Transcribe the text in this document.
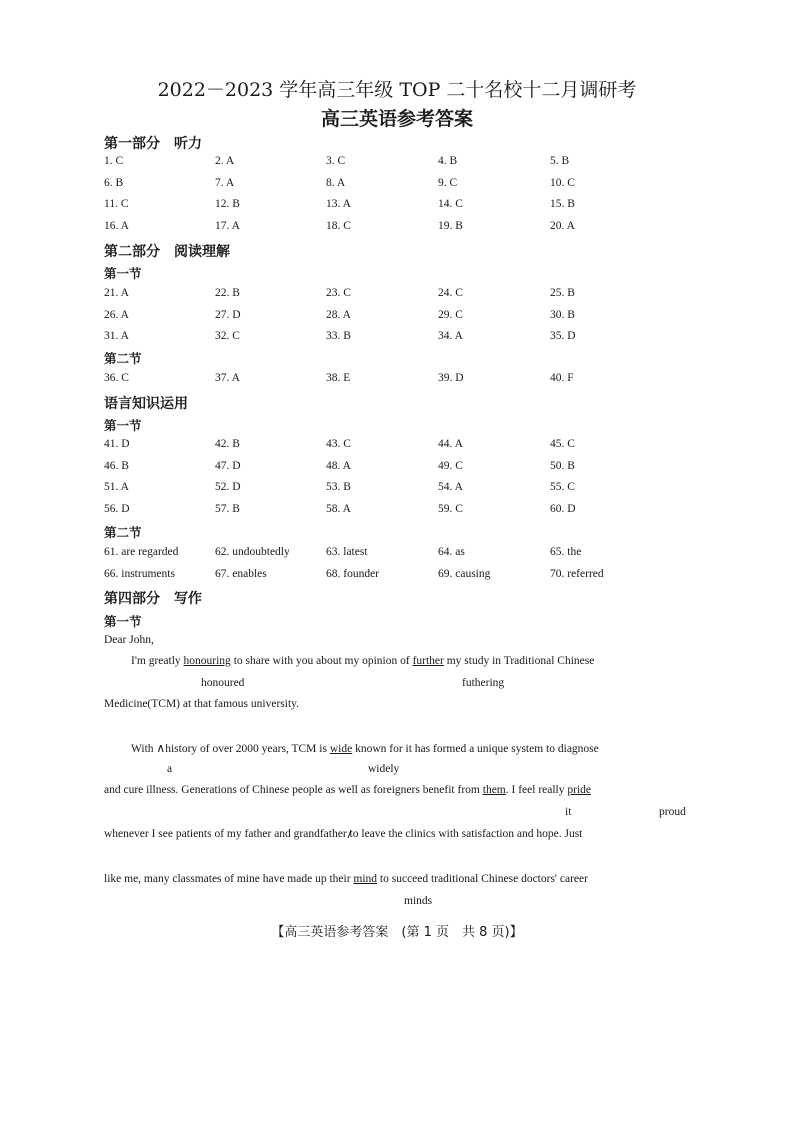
2022－2023 学年高三年级 TOP 二十名校十二月调研考
高三英语参考答案
第一部分　听力
1. C	2. A	3. C	4. B	5. B
6. B	7. A	8. A	9. C	10. C
11. C	12. B	13. A	14. C	15. B
16. A	17. A	18. C	19. B	20. A
第二部分　阅读理解
第一节
21. A	22. B	23. C	24. C	25. B
26. A	27. D	28. A	29. C	30. B
31. A	32. C	33. B	34. A	35. D
第二节
36. C	37. A	38. E	39. D	40. F
语言知识运用
第一节
41. D	42. B	43. C	44. A	45. C
46. B	47. D	48. A	49. C	50. B
51. A	52. D	53. B	54. A	55. C
56. D	57. B	58. A	59. C	60. D
第二节
61. are regarded	62. undoubtedly	63. latest	64. as	65. the
66. instruments	67. enables	68. founder	69. causing	70. referred
第四部分　写作
第一节
Dear John,
I'm greatly honouring to share with you about my opinion of further my study in Traditional Chinese
honoured	futhering
Medicine(TCM) at that famous university.
With ∧history of over 2000 years, TCM is wide known for it has formed a unique system to diagnose
a	widely
and cure illness. Generations of Chinese people as well as foreigners benefit from them. I feel really pride
it	proud
whenever I see patients of my father and grandfather to leave the clinics with satisfaction and hope. Just
like me, many classmates of mine have made up their mind to succeed traditional Chinese doctors' career
minds
【高三英语参考答案　(第 1 页　共 8 页)】
